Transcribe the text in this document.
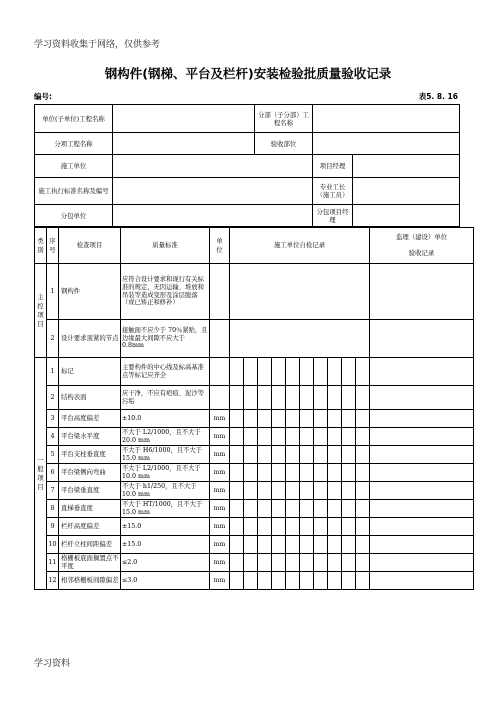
学习资料收集于网络，仅供参考
钢构件(钢梯、平台及栏杆)安装检验批质量验收记录
编号:	表5. 8. 16
单位(子单位)工程名称		分部（子分部）工程名称		
分项工程名称		验收部位		
施工单位			项目经理	
施工执行标准名称及编号			专业工长（施工员）	
分包单位			分包项目经理	
类别	序号	检查项目	质量标准	单位	施工单位自检记录										监理（建设）单位
验收记录

主控项目	1	钢构件	应符合设计要求和现行有关标准的规定，无因运输、堆放和吊装等造成变形及涂层脱落（或已矫正和修补）												
	2	设计要求顶紧的节点	接触面不应少于 70％紧贴，且边缘最大间隙不应大于 0.8mm												
一般项目	1	标记	主要构件的中心线及标高基准点等标记应齐全												
	2	结构表面	应干净，不应有疤痕、泥沙等污垢												
	3	平台高度偏差	±10.0	mm											
	4	平台梁水平度	不大于 L2/1000，且不大于 20.0 mm	mm											
	5	平台支柱垂直度	不大于 H6/1000，且不大于 15.0 mm	mm											
	6	平台梁侧向弯曲	不大于 L2/1000，且不大于 10.0 mm	mm											
	7	平台梁垂直度	不大于 h1/250，且不大于 10.0 mm	mm											
	8	直梯垂直度	不大于 HT/1000，且不大于 15.0 mm	mm											
	9	栏杆高度偏差	±15.0	mm											
	10	栏杆立柱间距偏差	±15.0	mm											
	11	格栅板底面搁置点不平度	≤2.0	mm											
	12	相邻格栅板间隙偏差	≤3.0	mm											
学习资料
